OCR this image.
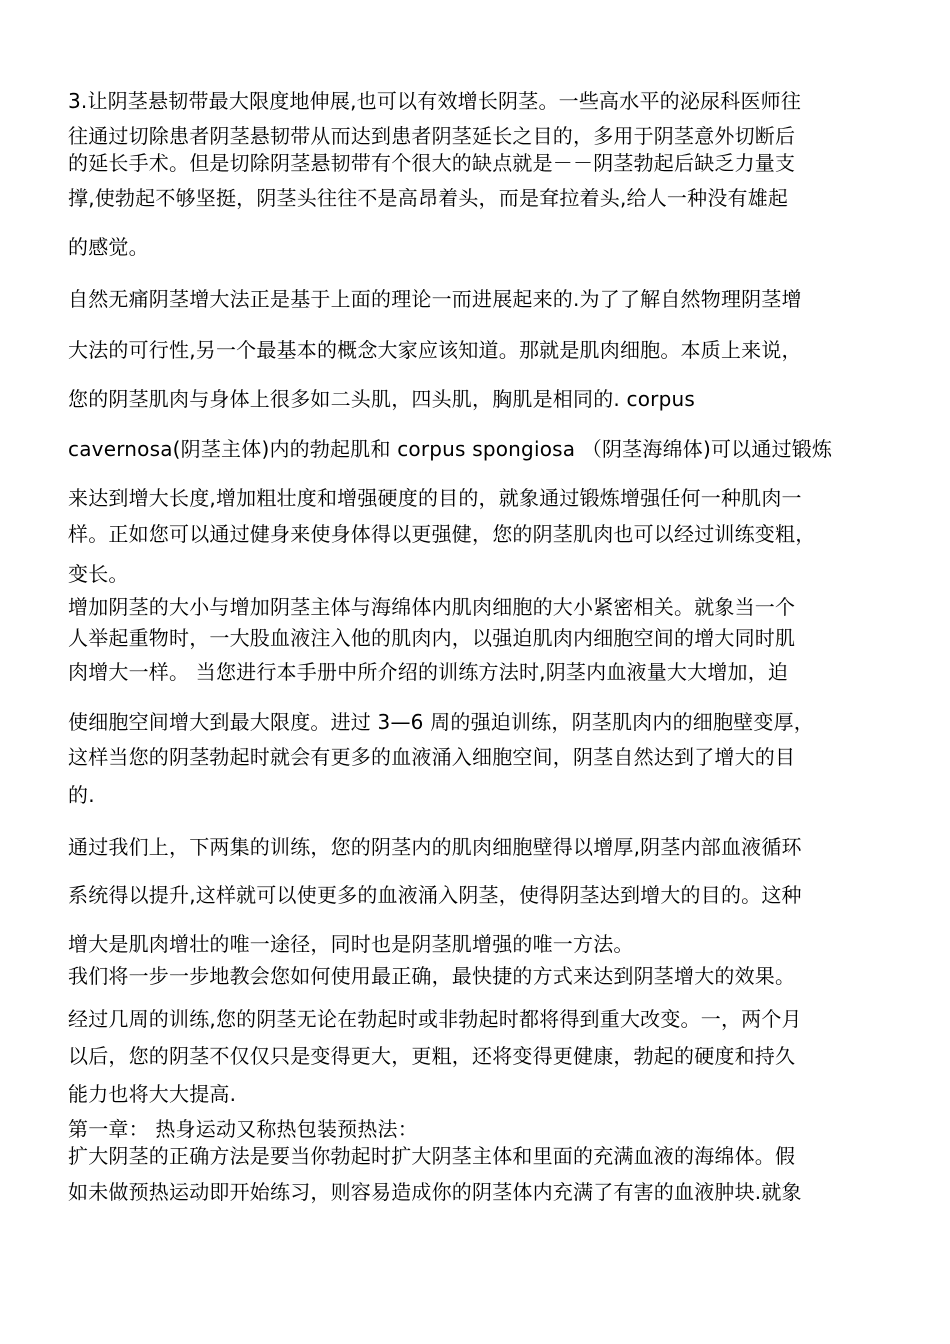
3.让阴茎悬韧带最大限度地伸展,也可以有效增长阴茎。一些高水平的泌尿科医师往
往通过切除患者阴茎悬韧带从而达到患者阴茎延长之目的，多用于阴茎意外切断后
的延长手术。但是切除阴茎悬韧带有个很大的缺点就是－－阴茎勃起后缺乏力量支
撑,使勃起不够坚挺，阴茎头往往不是高昂着头，而是耷拉着头,给人一种没有雄起
的感觉。
自然无痛阴茎增大法正是基于上面的理论一而进展起来的.为了了解自然物理阴茎增
大法的可行性,另一个最基本的概念大家应该知道。那就是肌肉细胞。本质上来说，
您的阴茎肌肉与身体上很多如二头肌，四头肌，胸肌是相同的. corpus
cavernosa(阴茎主体)内的勃起肌和 corpus spongiosa （阴茎海绵体)可以通过锻炼
来达到增大长度,增加粗壮度和增强硬度的目的，就象通过锻炼增强任何一种肌肉一
样。正如您可以通过健身来使身体得以更强健，您的阴茎肌肉也可以经过训练变粗，
变长。
增加阴茎的大小与增加阴茎主体与海绵体内肌肉细胞的大小紧密相关。就象当一个
人举起重物时，一大股血液注入他的肌肉内，以强迫肌肉内细胞空间的增大同时肌
肉增大一样。 当您进行本手册中所介绍的训练方法时,阴茎内血液量大大增加，迫
使细胞空间增大到最大限度。进过 3—6 周的强迫训练，阴茎肌肉内的细胞壁变厚，
这样当您的阴茎勃起时就会有更多的血液涌入细胞空间，阴茎自然达到了增大的目
的.
通过我们上，下两集的训练，您的阴茎内的肌肉细胞壁得以增厚,阴茎内部血液循环
系统得以提升,这样就可以使更多的血液涌入阴茎，使得阴茎达到增大的目的。这种
增大是肌肉增壮的唯一途径，同时也是阴茎肌增强的唯一方法。
我们将一步一步地教会您如何使用最正确，最快捷的方式来达到阴茎增大的效果。
经过几周的训练,您的阴茎无论在勃起时或非勃起时都将得到重大改变。一，两个月
以后，您的阴茎不仅仅只是变得更大，更粗，还将变得更健康，勃起的硬度和持久
能力也将大大提高.
第一章： 热身运动又称热包装预热法：
扩大阴茎的正确方法是要当你勃起时扩大阴茎主体和里面的充满血液的海绵体。假
如未做预热运动即开始练习，则容易造成你的阴茎体内充满了有害的血液肿块.就象
